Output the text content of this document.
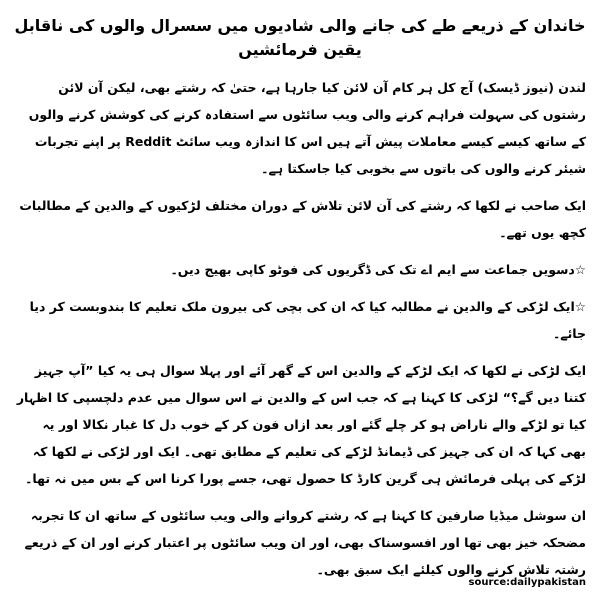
خاندان کے ذریعے طے کی جانے والی شادیوں میں سسرال والوں کی ناقابل یقین فرمائشیں

لندن (نیوز ڈیسک) آج کل ہر کام آن لائن کیا جارہا ہے، حتیٰ کہ رشتے بھی، لیکن آن لائن رشتوں کی سہولت فراہم کرنے والی ویب سائٹوں سے استفادہ کرنے کی کوشش کرنے والوں کے ساتھ کیسے کیسے معاملات پیش آتے ہیں اس کا اندازہ ویب سائٹ Reddit پر اپنے تجربات شیئر کرنے والوں کی باتوں سے بخوبی کیا جاسکتا ہے۔

ایک صاحب نے لکھا کہ رشتے کی آن لائن تلاش کے دوران مختلف لڑکیوں کے والدین کے مطالبات کچھ یوں تھے۔

☆دسویں جماعت سے ایم اے تک کی ڈگریوں کی فوٹو کاپی بھیج دیں۔

☆ایک لڑکی کے والدین نے مطالبہ کیا کہ ان کی بچی کی بیرون ملک تعلیم کا بندوبست کر دیا جائے۔

ایک لڑکی نے لکھا کہ ایک لڑکے کے والدین اس کے گھر آئے اور پہلا سوال ہی یہ کیا ”آپ جہیز کتنا دیں گے؟“ لڑکی کا کہنا ہے کہ جب اس کے والدین نے اس سوال میں عدم دلچسپی کا اظہار کیا تو لڑکے والے ناراض ہو کر چلے گئے اور بعد ازاں فون کر کے خوب دل کا غبار نکالا اور یہ بھی کہا کہ ان کی جہیز کی ڈیمانڈ لڑکے کی تعلیم کے مطابق تھی۔ ایک اور لڑکی نے لکھا کہ لڑکے کی پہلی فرمائش ہی گرین کارڈ کا حصول تھی، جسے پورا کرنا اس کے بس میں نہ تھا۔

ان سوشل میڈیا صارفین کا کہنا ہے کہ رشتے کروانے والی ویب سائٹوں کے ساتھ ان کا تجربہ مضحکہ خیز بھی تھا اور افسوسناک بھی، اور ان ویب سائٹوں پر اعتبار کرنے اور ان کے ذریعے رشتہ تلاش کرنے والوں کیلئے ایک سبق بھی۔

source:dailypakistan
